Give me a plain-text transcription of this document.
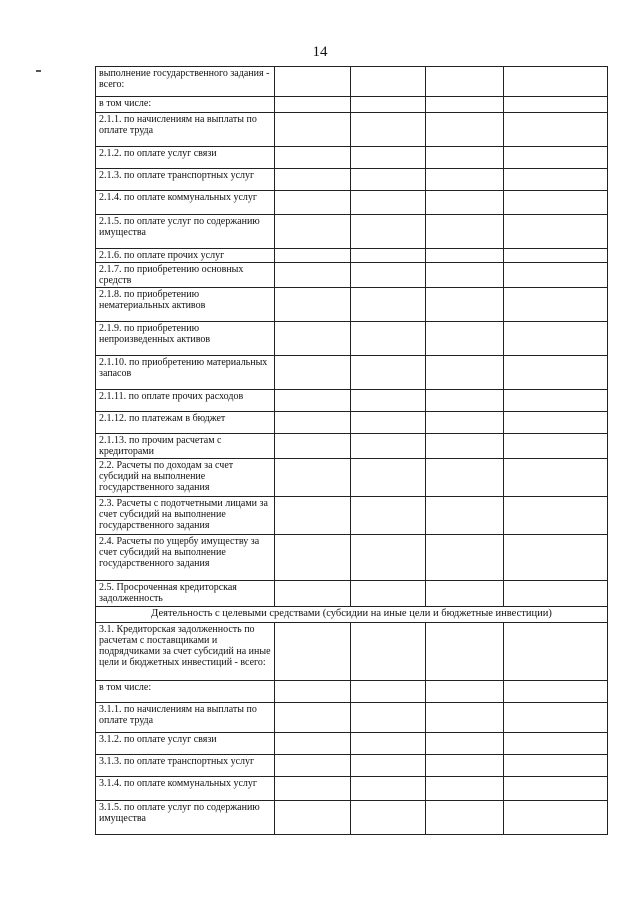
14
выполнение государственного задания - всего:				
в том числе:				
2.1.1. по начислениям на выплаты по оплате труда				
2.1.2. по оплате услуг связи				
2.1.3. по оплате транспортных услуг				
2.1.4. по оплате коммунальных услуг				
2.1.5. по оплате услуг по содержанию имущества				
2.1.6. по оплате прочих услуг				
2.1.7. по приобретению основных средств				
2.1.8. по приобретению нематериальных активов				
2.1.9. по приобретению непроизведенных активов				
2.1.10. по приобретению материальных запасов				
2.1.11. по оплате прочих расходов				
2.1.12. по платежам в бюджет				
2.1.13. по прочим расчетам с кредиторами				
2.2. Расчеты по доходам за счет субсидий на выполнение государственного задания				
2.3. Расчеты с подотчетными лицами за счет субсидий на выполнение государственного задания				
2.4. Расчеты по ущербу имуществу за счет субсидий на выполнение государственного задания				
2.5. Просроченная кредиторская задолженность				
Деятельность с целевыми средствами (субсидии на иные цели и бюджетные инвестиции)				
3.1. Кредиторская задолженность по расчетам с поставщиками и подрядчиками за счет субсидий на иные цели и бюджетных инвестиций - всего:				
в том числе:				
3.1.1. по начислениям на выплаты по оплате труда				
3.1.2. по оплате услуг связи				
3.1.3. по оплате транспортных услуг				
3.1.4. по оплате коммунальных услуг				
3.1.5. по оплате услуг по содержанию имущества				
